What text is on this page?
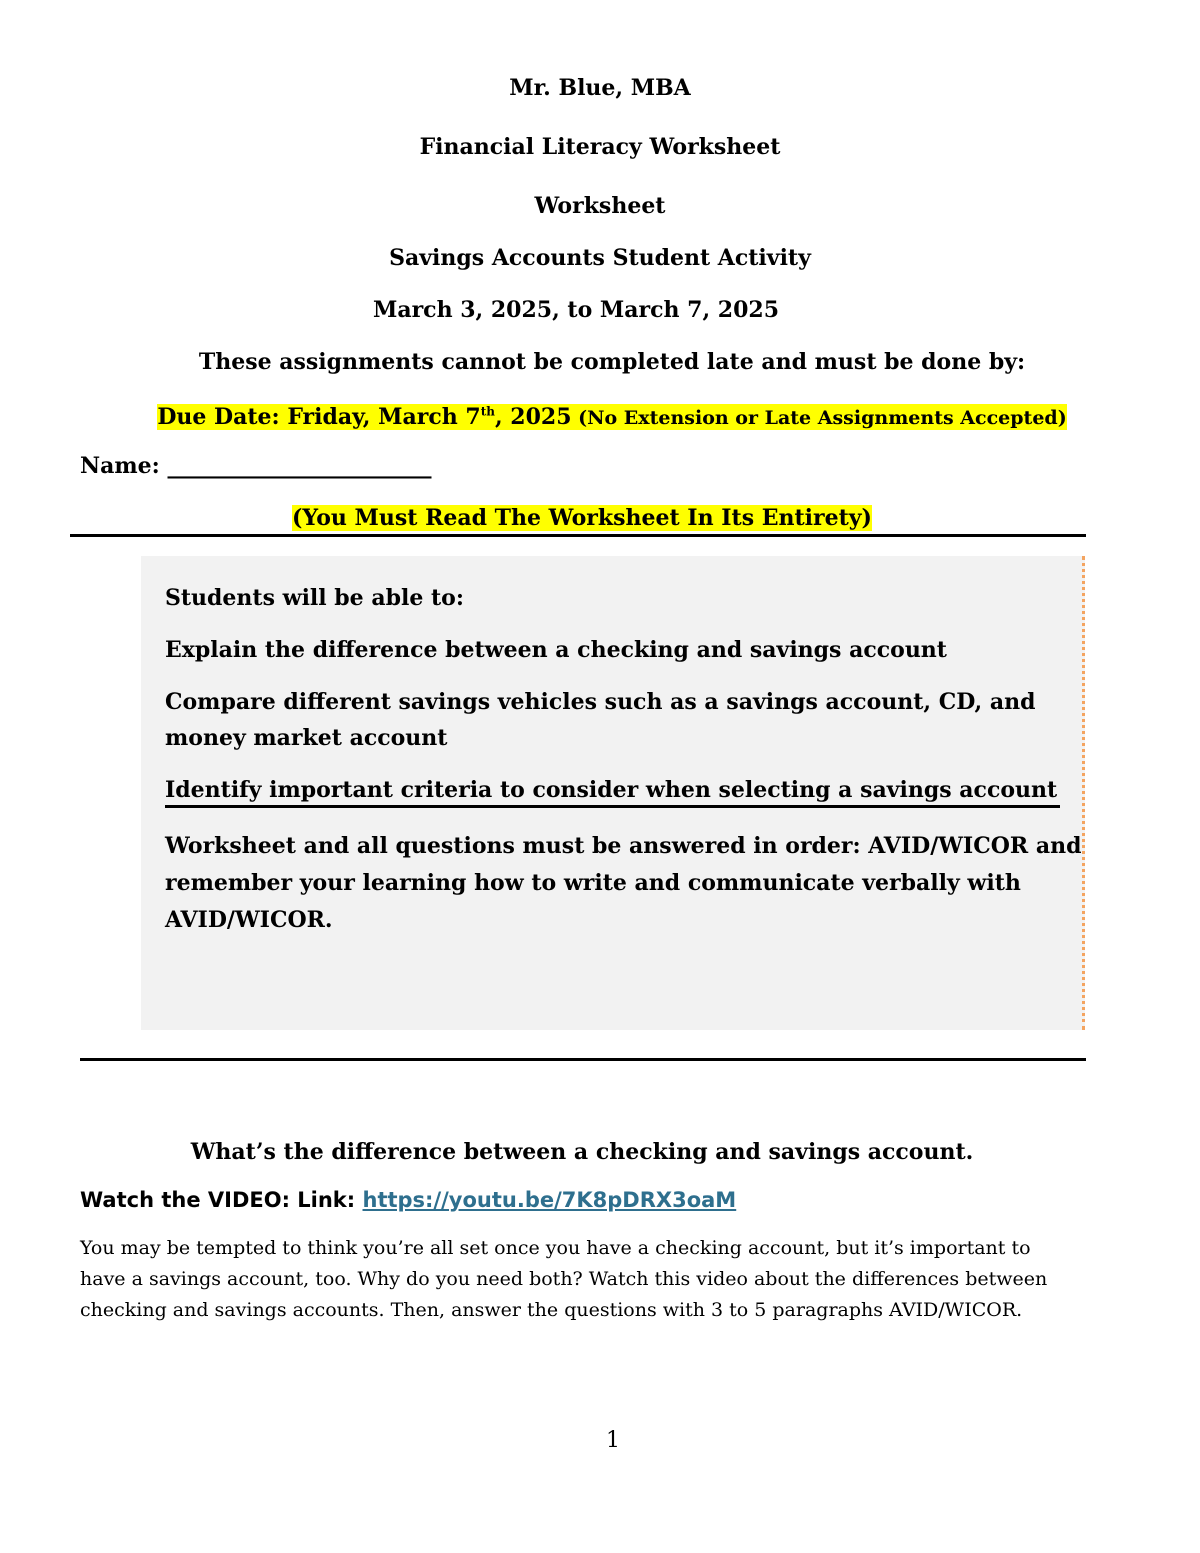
Mr. Blue, MBA
Financial Literacy Worksheet
Worksheet
Savings Accounts Student Activity
March 3, 2025, to March 7, 2025
These assignments cannot be completed late and must be done by:
Due Date: Friday, March 7th, 2025 (No Extension or Late Assignments Accepted)
Name: ________________________
(You Must Read The Worksheet In Its Entirety)
Students will be able to:
Explain the difference between a checking and savings account
Compare different savings vehicles such as a savings account, CD, and
money market account
Identify important criteria to consider when selecting a savings account
Worksheet and all questions must be answered in order: AVID/WICOR and
remember your learning how to write and communicate verbally with
AVID/WICOR.
What’s the difference between a checking and savings account.
Watch the VIDEO: Link: https://youtu.be/7K8pDRX3oaM
You may be tempted to think you’re all set once you have a checking account, but it’s important to
have a savings account, too. Why do you need both? Watch this video about the differences between
checking and savings accounts. Then, answer the questions with 3 to 5 paragraphs AVID/WICOR.
1
